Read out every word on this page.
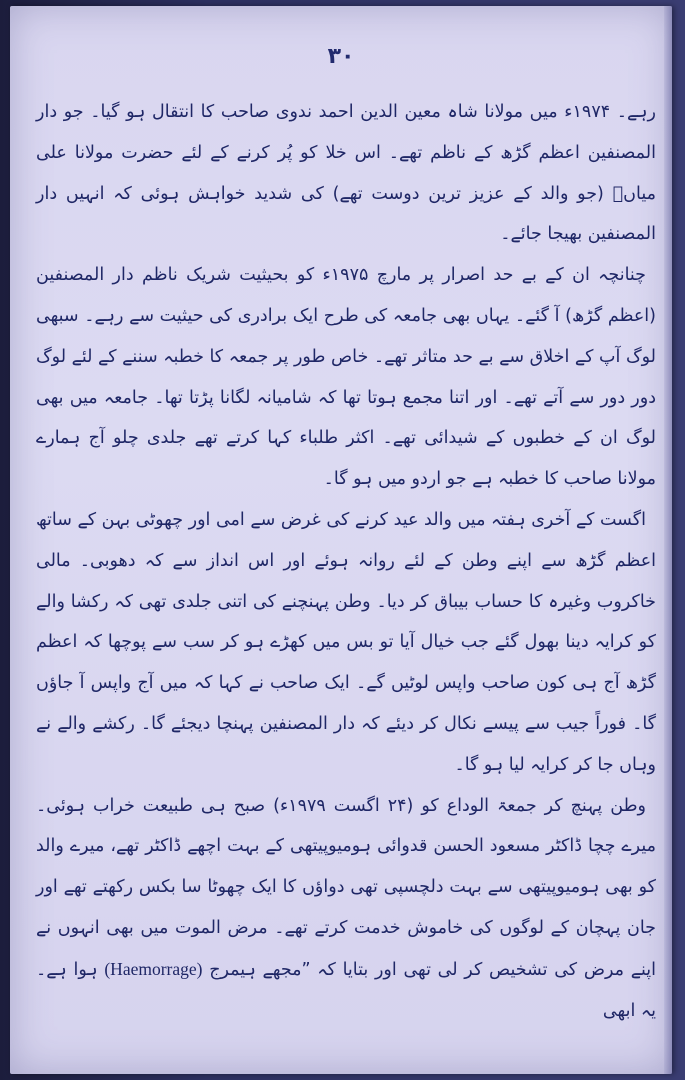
۳۰

رہے۔ ۱۹۷۴ء میں مولانا شاہ معین الدین احمد ندوی صاحب کا انتقال ہو گیا۔ جو دار المصنفین اعظم گڑھ کے ناظم تھے۔ اس خلا کو پُر کرنے کے لئے حضرت مولانا علی میاںؒ (جو والد کے عزیز ترین دوست تھے) کی شدید خواہش ہوئی کہ انہیں دار المصنفین بھیجا جائے۔

چنانچہ ان کے بے حد اصرار پر مارچ ۱۹۷۵ء کو بحیثیت شریک ناظم دار المصنفین (اعظم گڑھ) آ گئے۔ یہاں بھی جامعہ کی طرح ایک برادری کی حیثیت سے رہے۔ سبھی لوگ آپ کے اخلاق سے بے حد متاثر تھے۔ خاص طور پر جمعہ کا خطبہ سننے کے لئے لوگ دور دور سے آتے تھے۔ اور اتنا مجمع ہوتا تھا کہ شامیانہ لگانا پڑتا تھا۔ جامعہ میں بھی لوگ ان کے خطبوں کے شیدائی تھے۔ اکثر طلباء کہا کرتے تھے جلدی چلو آج ہمارے مولانا صاحب کا خطبہ ہے جو اردو میں ہو گا۔

اگست کے آخری ہفتہ میں والد عید کرنے کی غرض سے امی اور چھوٹی بہن کے ساتھ اعظم گڑھ سے اپنے وطن کے لئے روانہ ہوئے اور اس انداز سے کہ دھوبی۔ مالی خاکروب وغیرہ کا حساب بیباق کر دیا۔ وطن پہنچنے کی اتنی جلدی تھی کہ رکشا والے کو کرایہ دینا بھول گئے جب خیال آیا تو بس میں کھڑے ہو کر سب سے پوچھا کہ اعظم گڑھ آج ہی کون صاحب واپس لوٹیں گے۔ ایک صاحب نے کہا کہ میں آج واپس آ جاؤں گا۔ فوراً جیب سے پیسے نکال کر دیئے کہ دار المصنفین پہنچا دیجئے گا۔ رکشے والے نے وہاں جا کر کرایہ لیا ہو گا۔

وطن پہنچ کر جمعۃ الوداع کو (۲۴ اگست ۱۹۷۹ء) صبح ہی طبیعت خراب ہوئی۔ میرے چچا ڈاکٹر مسعود الحسن قدوائی ہومیوپیتھی کے بہت اچھے ڈاکٹر تھے، میرے والد کو بھی ہومیوپیتھی سے بہت دلچسپی تھی دواؤں کا ایک چھوٹا سا بکس رکھتے تھے اور جان پہچان کے لوگوں کی خاموش خدمت کرتے تھے۔ مرض الموت میں بھی انہوں نے اپنے مرض کی تشخیص کر لی تھی اور بتایا کہ ”مجھے ہیمرج (Haemorrage) ہوا ہے۔ یہ ابھی
